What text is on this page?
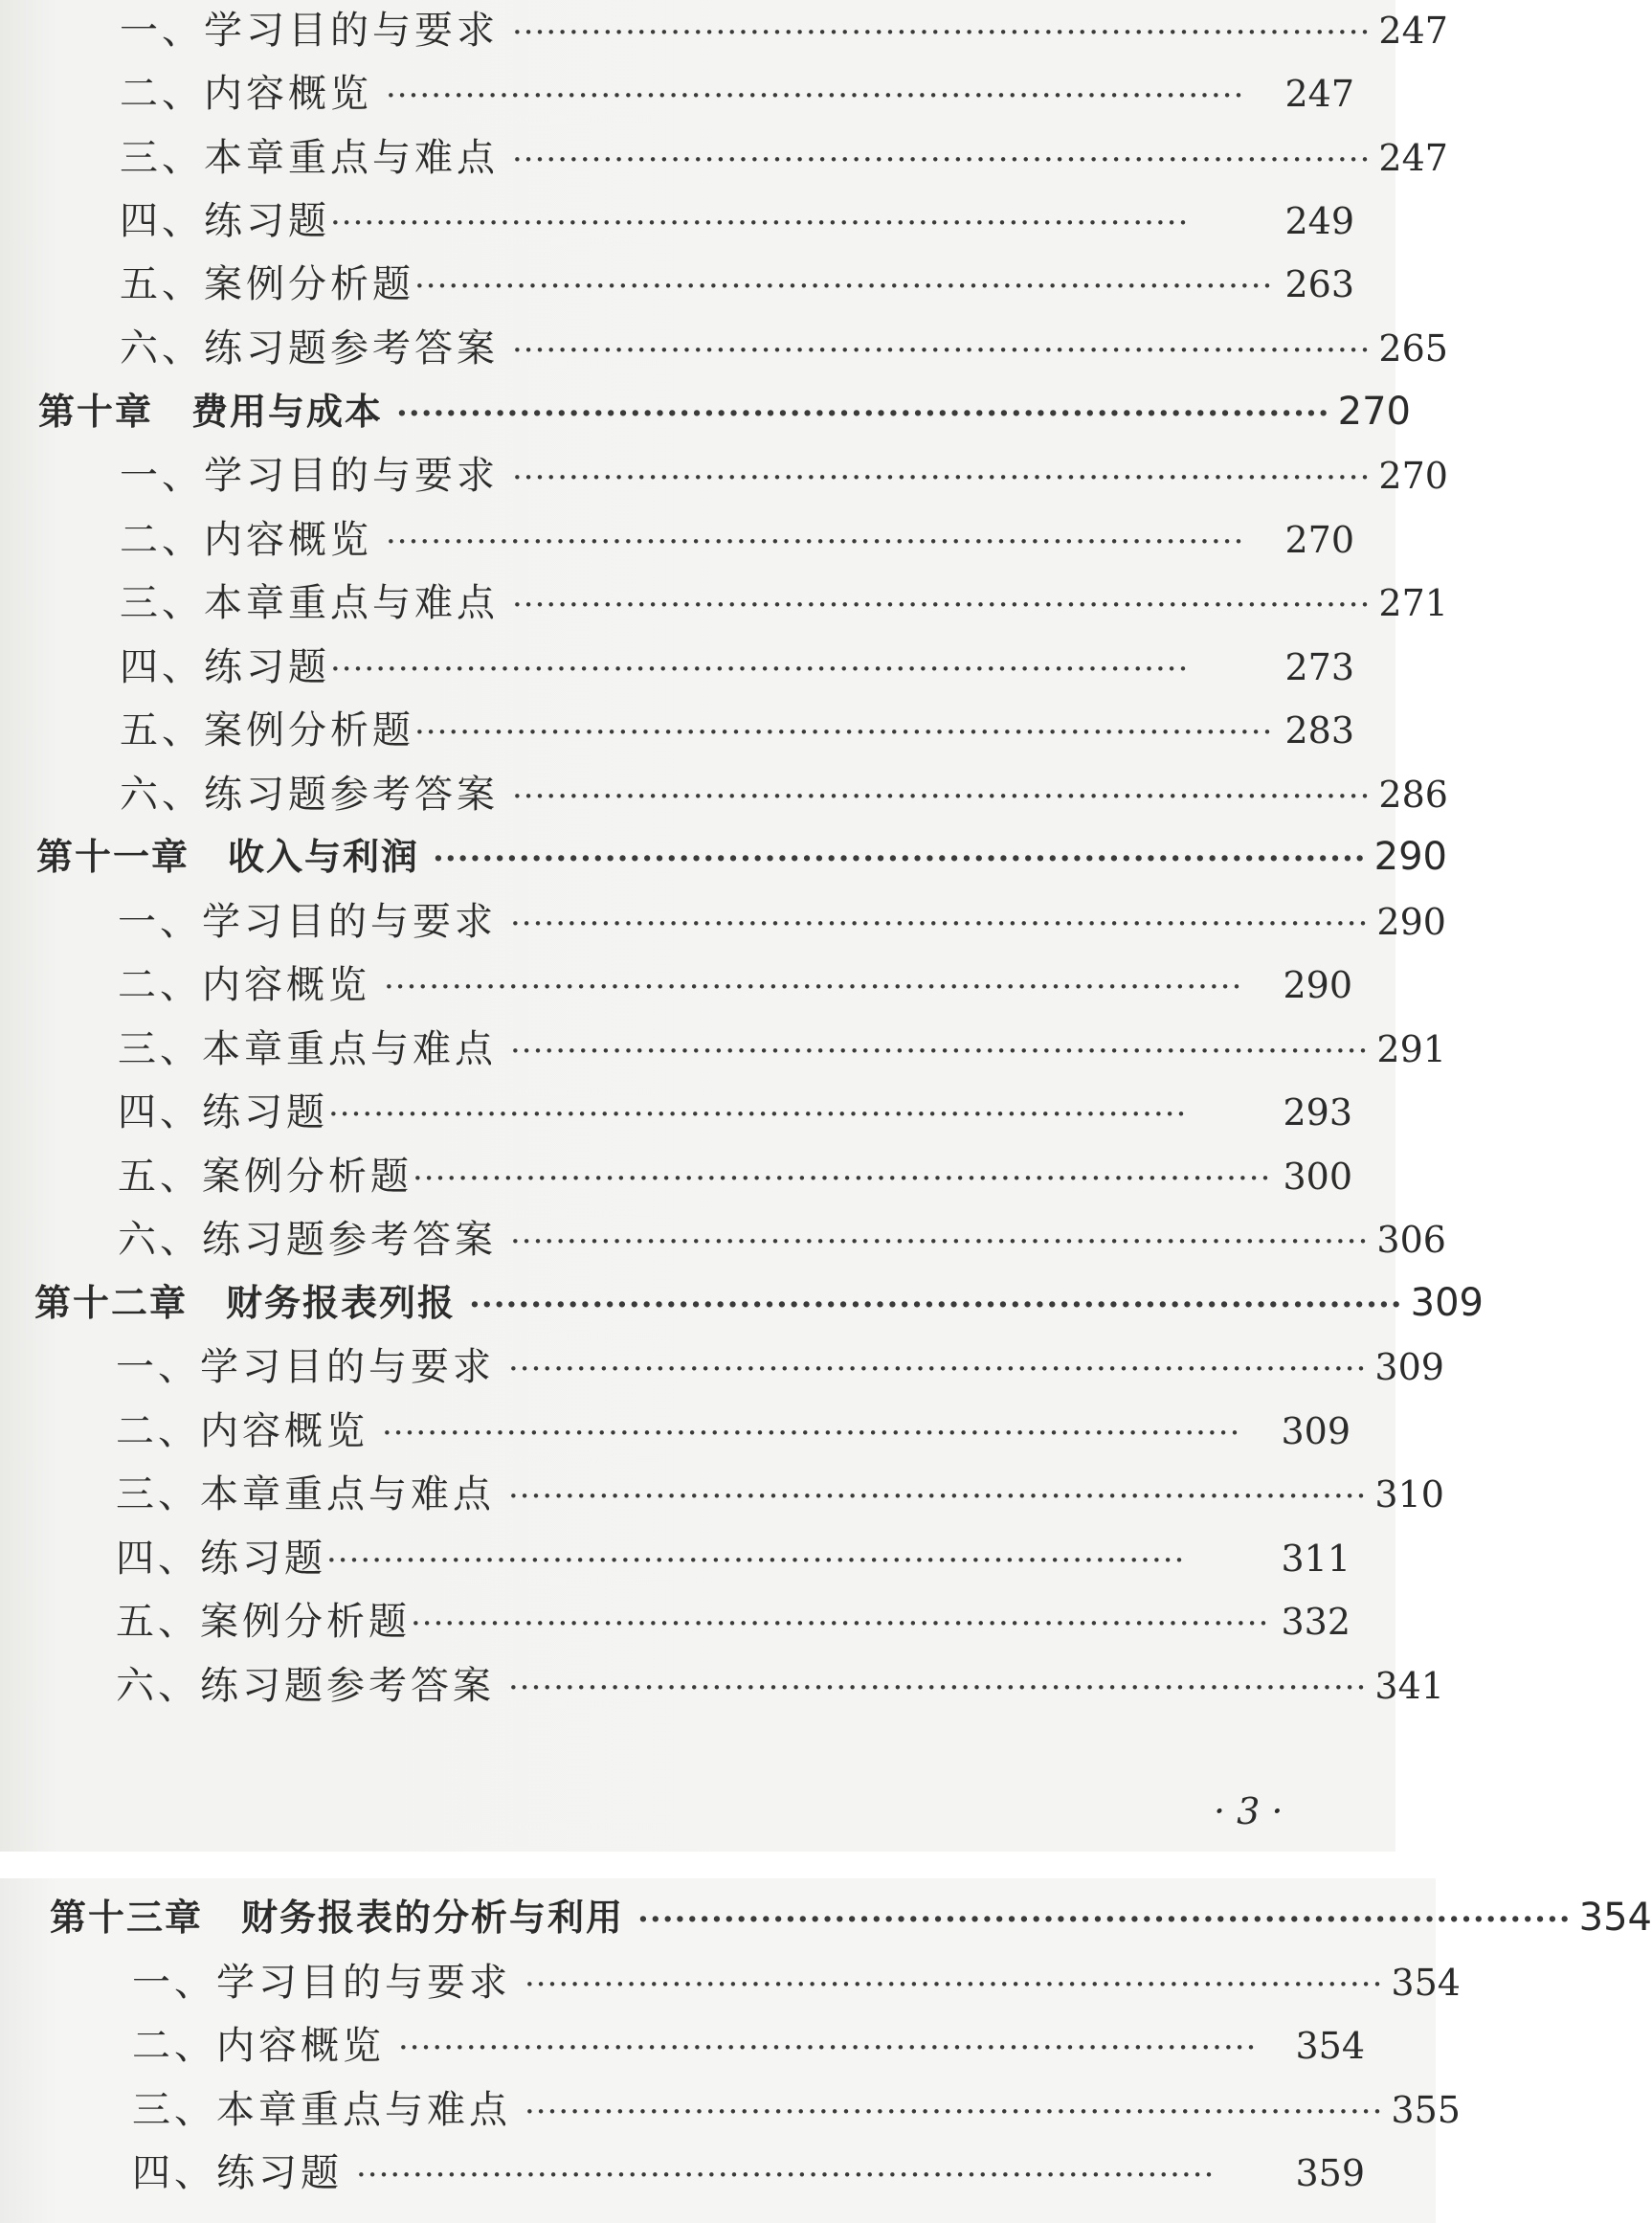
一、学习目的与要求 ············································································ 247
二、内容概览 ············································································	247
三、本章重点与难点 ············································································ 247
四、练习题 ············································································	249
五、案例分析题 ············································································ 263
六、练习题参考答案 ············································································ 265
第十章　费用与成本 ············································································ 270
一、学习目的与要求 ············································································ 270
二、内容概览 ············································································	270
三、本章重点与难点 ············································································ 271
四、练习题 ············································································	273
五、案例分析题 ············································································ 283
六、练习题参考答案 ············································································ 286
第十一章　收入与利润 ············································································ 290
一、学习目的与要求 ············································································ 290
二、内容概览 ············································································	290
三、本章重点与难点 ············································································ 291
四、练习题 ············································································	293
五、案例分析题 ············································································ 300
六、练习题参考答案 ············································································ 306
第十二章　财务报表列报 ············································································ 309
一、学习目的与要求 ············································································ 309
二、内容概览 ············································································	309
三、本章重点与难点 ············································································ 310
四、练习题 ············································································	311
五、案例分析题 ············································································ 332
六、练习题参考答案 ············································································ 341
· 3 ·
第十三章　财务报表的分析与利用 ············································································ 354
一、学习目的与要求 ············································································ 354
二、内容概览 ············································································	354
三、本章重点与难点 ············································································ 355
四、练习题 ············································································	359
